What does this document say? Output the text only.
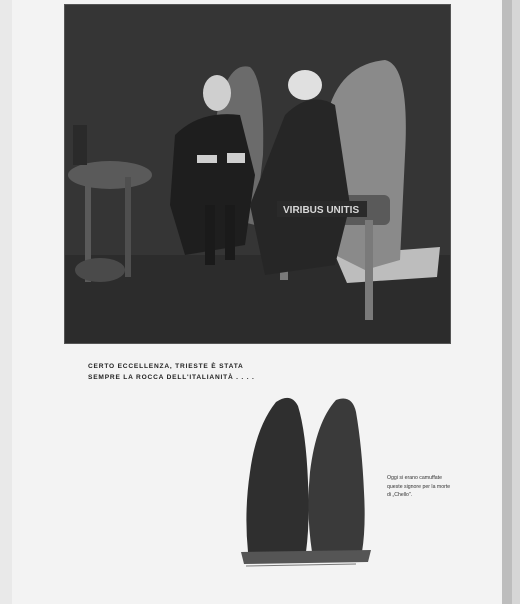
VIRIBUS UNITIS
CERTO ECCELLENZA, TRIESTE È STATA
SEMPRE LA ROCCA DELL'ITALIANITÀ . . . .
Oggi si erano camuffate
queste signore per la morte
di „Chello".
